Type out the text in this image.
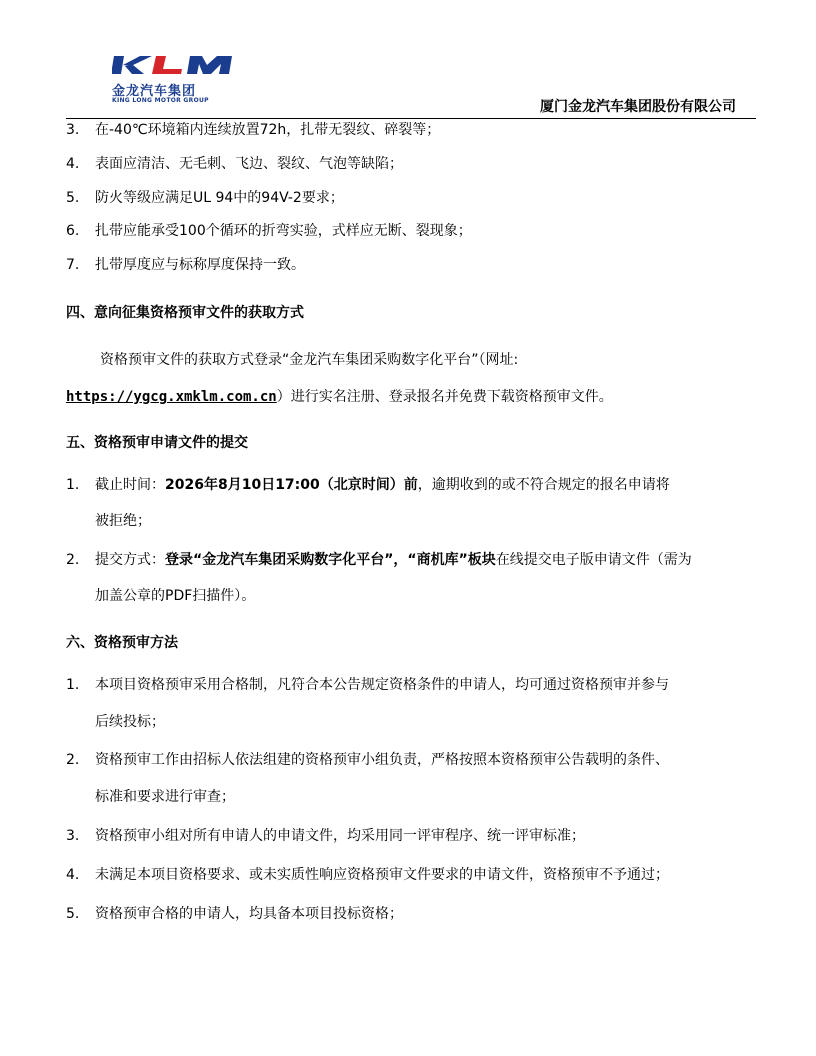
金龙汽车集团
KING LONG MOTOR GROUP	厦门金龙汽车集团股份有限公司
3. 在-40℃环境箱内连续放置72h，扎带无裂纹、碎裂等；
4. 表面应清洁、无毛刺、飞边、裂纹、气泡等缺陷；
5. 防火等级应满足UL 94中的94V-2要求；
6. 扎带应能承受100个循环的折弯实验，式样应无断、裂现象；
7. 扎带厚度应与标称厚度保持一致。
四、意向征集资格预审文件的获取方式
资格预审文件的获取方式登录“金龙汽车集团采购数字化平台”（网址:
https://ygcg.xmklm.com.cn）进行实名注册、登录报名并免费下载资格预审文件。
五、资格预审申请文件的提交
1. 截止时间：2026年8月10日17:00（北京时间）前，逾期收到的或不符合规定的报名申请将
被拒绝；
2. 提交方式：登录“金龙汽车集团采购数字化平台”，“商机库”板块在线提交电子版申请文件（需为
加盖公章的PDF扫描件）。
六、资格预审方法
1. 本项目资格预审采用合格制，凡符合本公告规定资格条件的申请人，均可通过资格预审并参与
后续投标；
2. 资格预审工作由招标人依法组建的资格预审小组负责，严格按照本资格预审公告载明的条件、
标准和要求进行审查；
3. 资格预审小组对所有申请人的申请文件，均采用同一评审程序、统一评审标准；
4. 未满足本项目资格要求、或未实质性响应资格预审文件要求的申请文件，资格预审不予通过；
5. 资格预审合格的申请人，均具备本项目投标资格；
